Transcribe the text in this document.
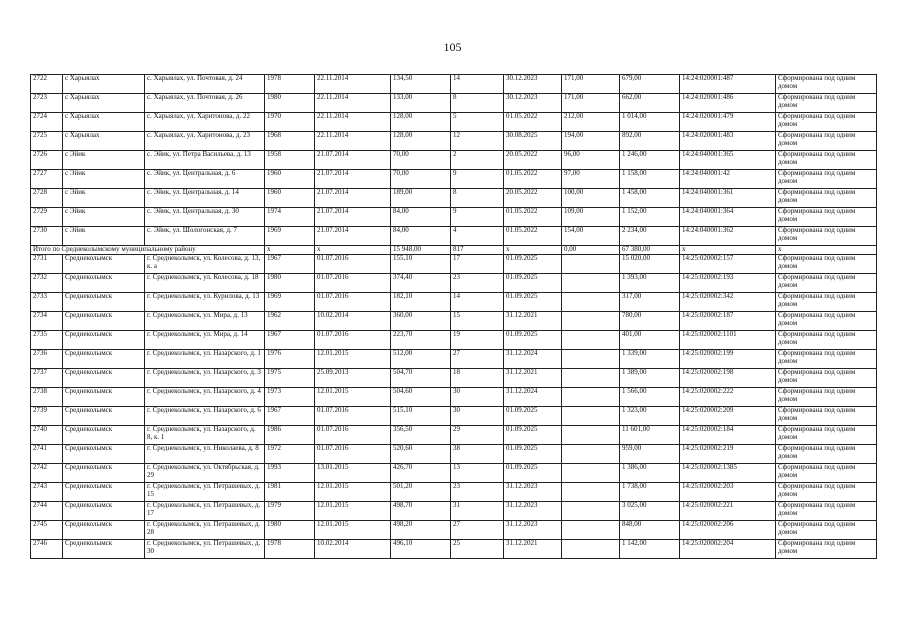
105
2722	с Харыялах	с. Харыялах, ул. Почтовая, д. 24	1978	22.11.2014	134,50	14	30.12.2023	171,00	679,00	14:24:020001:487	Сформирована под одним домом
2723	с Харыялах	с. Харыялах, ул. Почтовая, д. 26	1980	22.11.2014	133,00	8	30.12.2023	171,00	662,00	14:24:020001:486	Сформирована под одним домом
2724	с Харыялах	с. Харыялах, ул. Харитонова, д. 22	1970	22.11.2014	128,00	5	01.05.2022	212,00	1 014,00	14:24:020001:479	Сформирована под одним домом
2725	с Харыялах	с. Харыялах, ул. Харитонова, д. 23	1968	22.11.2014	128,00	12	30.08.2025	194,00	892,00	14:24:020001:483	Сформирована под одним домом
2726	с Эйик	с. Эйик, ул. Петра Васильева, д. 13	1958	21.07.2014	70,00	2	20.05.2022	96,00	1 246,00	14:24:040001:365	Сформирована под одним домом
2727	с Эйик	с. Эйик, ул. Центральная, д. 6	1960	21.07.2014	70,00	9	01.05.2022	97,00	1 158,00	14:24:040001:42	Сформирована под одним домом
2728	с Эйик	с. Эйик, ул. Центральная, д. 14	1960	21.07.2014	189,00	8	20.05.2022	100,00	1 458,00	14:24:040001:361	Сформирована под одним домом
2729	с Эйик	с. Эйик, ул. Центральная, д. 30	1974	21.07.2014	84,00	9	01.05.2022	109,00	1 152,00	14:24:040001:364	Сформирована под одним домом
2730	с Эйик	с. Эйик, ул. Шологонская, д. 7	1969	21.07.2014	84,00	4	01.05.2022	154,00	2 234,00	14:24:040001:362	Сформирована под одним домом
Итого по Среднеколымскому муниципальному району			х	х	15 948,00	817	х	0,00	67 380,00	х	х
2731	Среднеколымск	г. Среднеколымск, ул. Колесова, д. 13, к. а	1967	01.07.2016	155,10	17	01.09.2025		15 020,00	14:25:020002:157	Сформирована под одним домом
2732	Среднеколымск	г. Среднеколымск, ул. Колесова, д. 18	1980	01.07.2016	374,40	23	01.09.2025		1 393,00	14:25:020002:193	Сформирована под одним домом
2733	Среднеколымск	г. Среднеколымск, ул. Курилова, д. 13	1969	01.07.2016	182,10	14	01.09.2025		317,00	14:25:020002:342	Сформирована под одним домом
2734	Среднеколымск	г. Среднеколымск, ул. Мира, д. 13	1962	10.02.2014	360,00	15	31.12.2021		780,00	14:25:020002:187	Сформирована под одним домом
2735	Среднеколымск	г. Среднеколымск, ул. Мира, д. 14	1967	01.07.2016	223,70	19	01.09.2025		401,00	14:25:020002:1101	Сформирована под одним домом
2736	Среднеколымск	г. Среднеколымск, ул. Назарского, д. 1	1976	12.01.2015	512,00	27	31.12.2024		1 339,00	14:25:020002:199	Сформирована под одним домом
2737	Среднеколымск	г. Среднеколымск, ул. Назарского, д. 3	1975	25.09.2013	504,70	18	31.12.2021		1 389,00	14:25:020002:198	Сформирована под одним домом
2738	Среднеколымск	г. Среднеколымск, ул. Назарского, д. 4	1973	12.01.2015	504,60	30	31.12.2024		1 566,00	14:25:020002:222	Сформирована под одним домом
2739	Среднеколымск	г. Среднеколымск, ул. Назарского, д. 6	1967	01.07.2016	515,10	30	01.09.2025		1 323,00	14:25:020002:209	Сформирована под одним домом
2740	Среднеколымск	г. Среднеколымск, ул. Назарского, д. 8, к. 1	1986	01.07.2016	356,50	29	01.09.2025		11 601,00	14:25:020002:184	Сформирована под одним домом
2741	Среднеколымск	г. Среднеколымск, ул. Николаева, д. 8	1972	01.07.2016	520,60	38	01.09.2025		959,00	14:25:020002:219	Сформирована под одним домом
2742	Среднеколымск	г. Среднеколымск, ул. Октябрьская, д. 29	1993	13.01.2015	426,70	13	01.09.2025		1 386,00	14:25:020002:1385	Сформирована под одним домом
2743	Среднеколымск	г. Среднеколымск, ул. Петрашевых, д. 15	1981	12.01.2015	501,20	23	31.12.2023		1 738,00	14:25:020002:203	Сформирована под одним домом
2744	Среднеколымск	г. Среднеколымск, ул. Петрашевых, д. 17	1979	12.01.2015	498,70	31	31.12.2023		3 025,00	14:25:020002:221	Сформирована под одним домом
2745	Среднеколымск	г. Среднеколымск, ул. Петрашевых, д. 28	1980	12.01.2015	498,20	27	31.12.2023		848,00	14:25:020002:206	Сформирована под одним домом
2746	Среднеколымск	г. Среднеколымск, ул. Петрашевых, д. 30	1978	10.02.2014	496,10	25	31.12.2021		1 142,00	14:25:020002:204	Сформирована под одним домом
